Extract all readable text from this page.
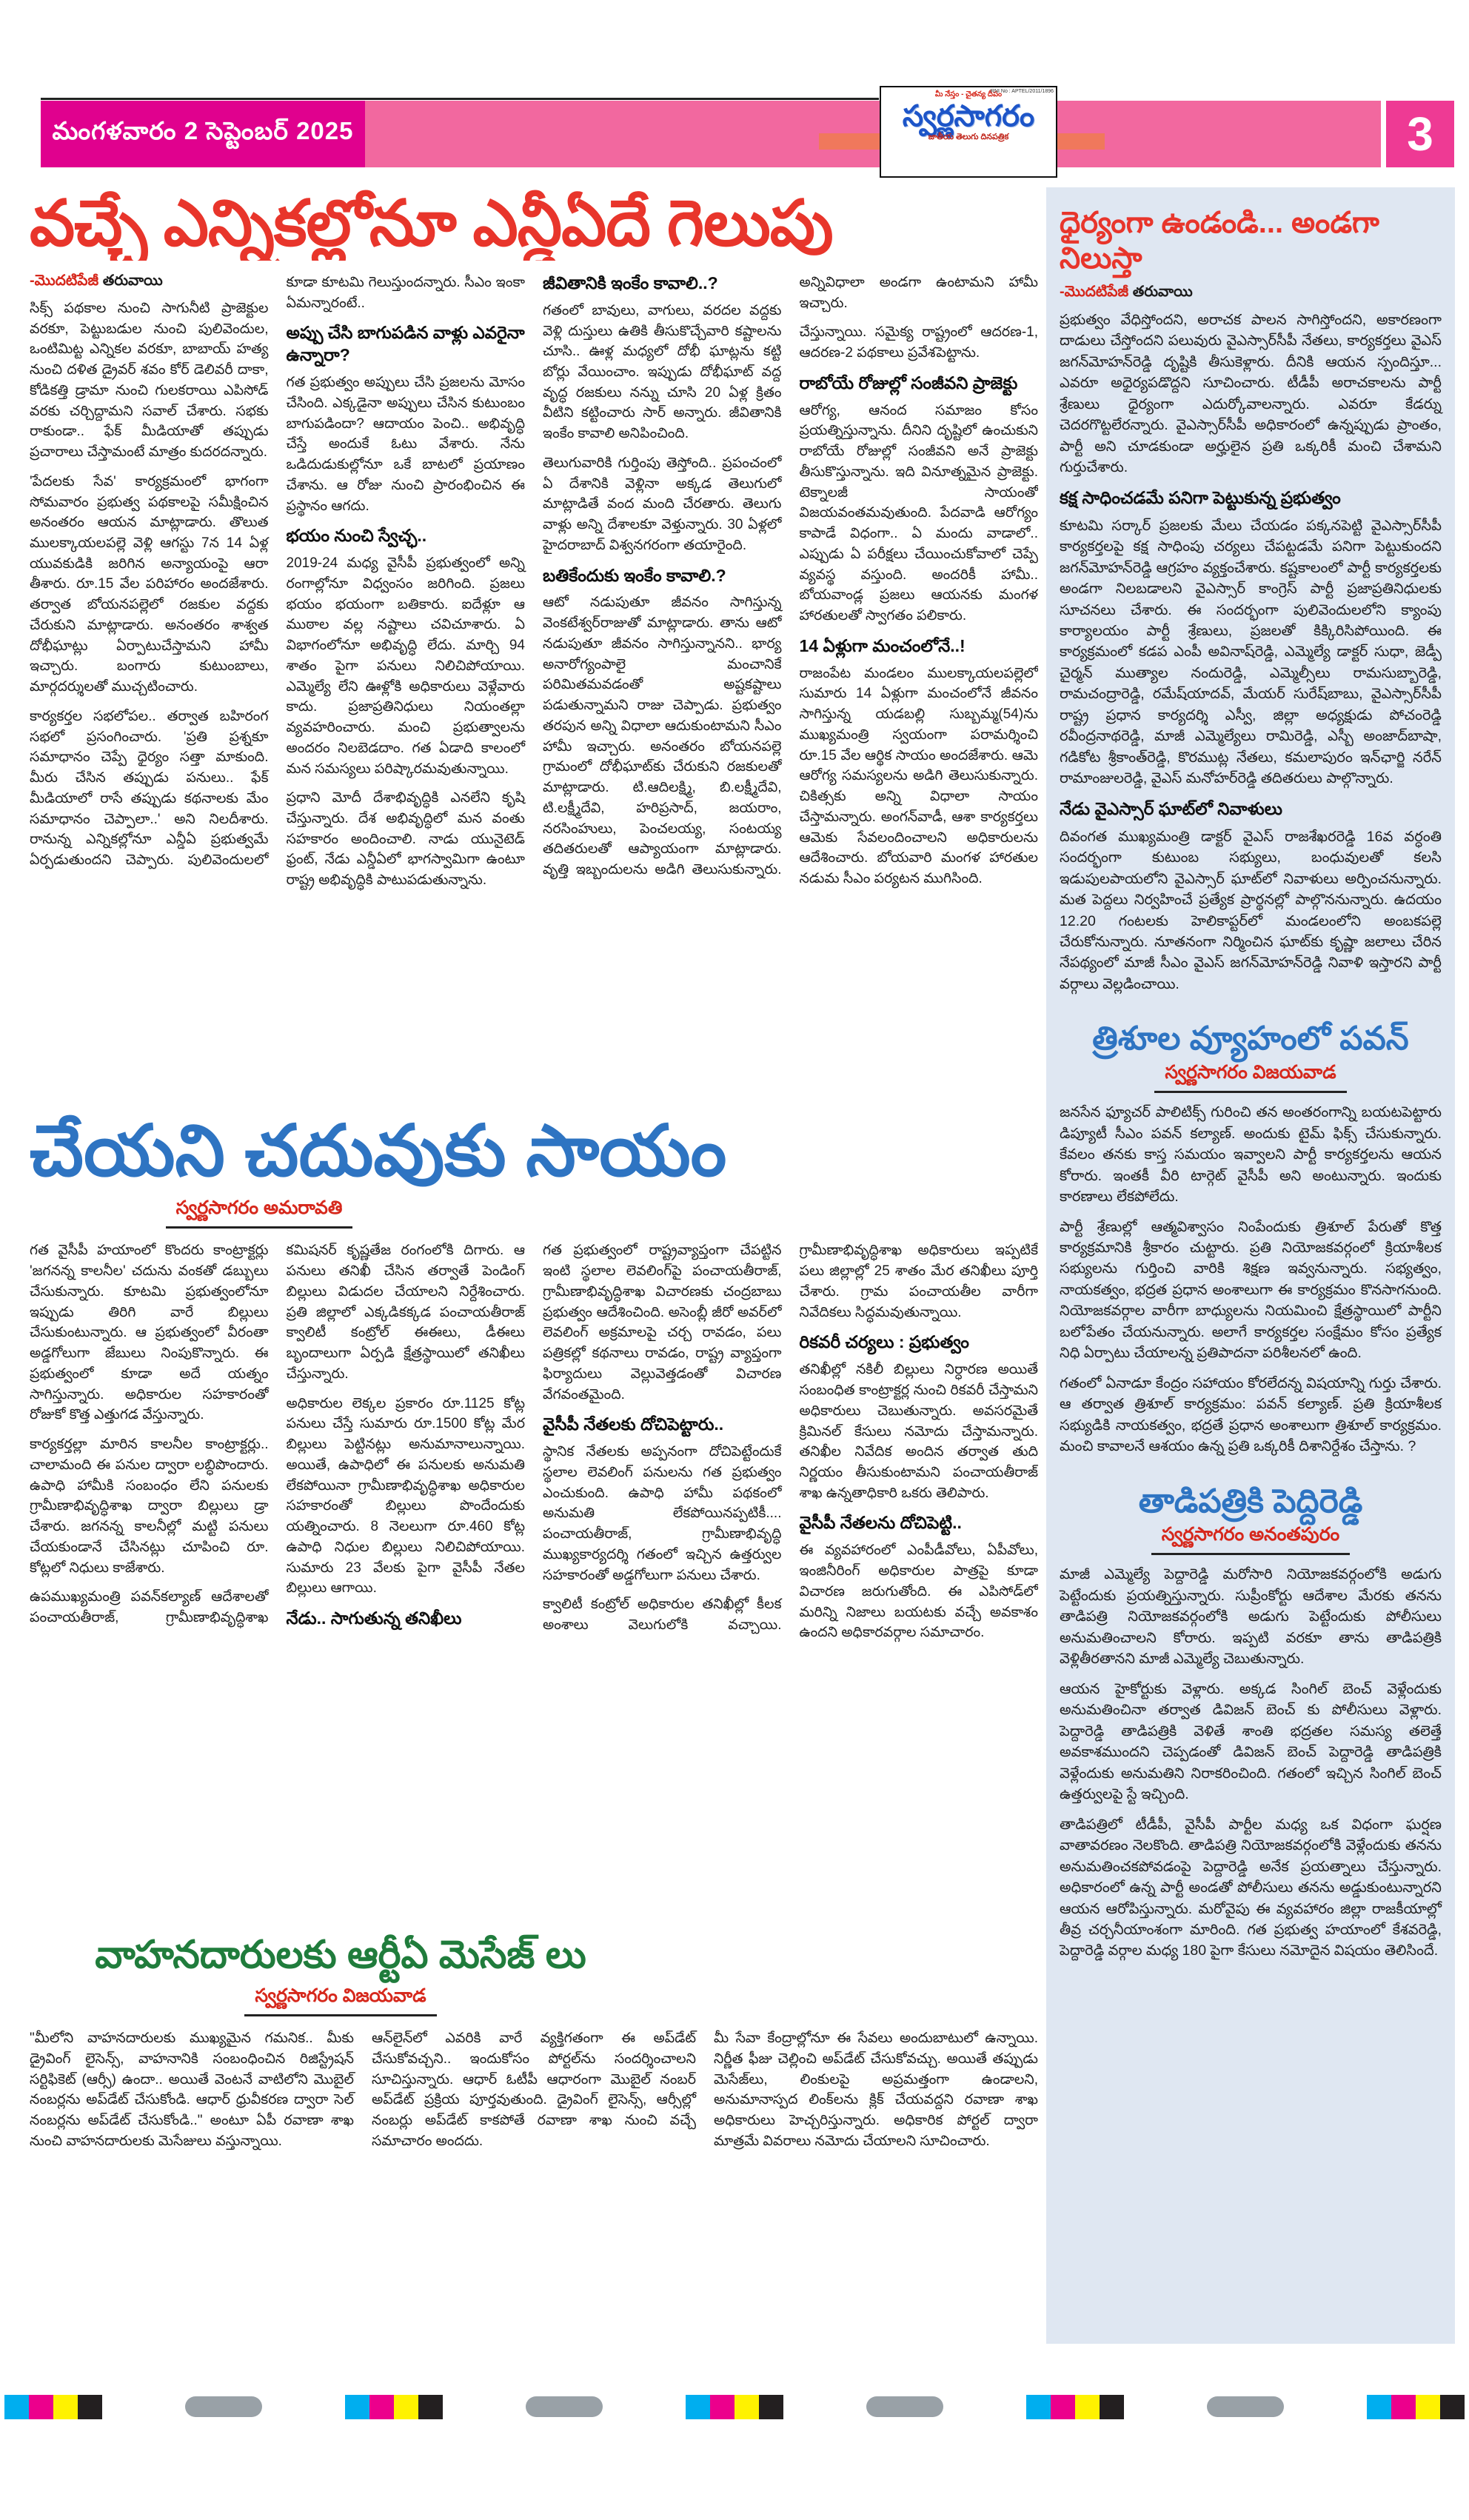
మంగళవారం 2 సెప్టెంబర్ 2025
RNI No : APTEL/2011/1896
మీ నేస్తం - చైతన్య దీపం
స్వర్ణసాగరం
జాతీయ తెలుగు దినపత్రిక	3
వచ్చే ఎన్నికల్లోనూ ఎన్డీఏదే గెలుపు
-మొదటిపేజీ తరువాయి
సిక్స్ పథకాల నుంచి సాగునీటి ప్రాజెక్టుల వరకూ, పెట్టుబడుల నుంచి పులివెందుల, ఒంటిమిట్ట ఎన్నికల వరకూ, బాబాయ్ హత్య నుంచి దళిత డ్రైవర్ శవం కోర్ డెలివరీ దాకా, కోడికత్తి డ్రామా నుంచి గులకరాయి ఎపిసోడ్ వరకు చర్చిద్దామని సవాల్ చేశారు. సభకు రాకుండా.. ఫేక్ మీడియాతో తప్పుడు ప్రచారాలు చేస్తామంటే మాత్రం కుదరదన్నారు.
'పేదలకు సేవ' కార్యక్రమంలో భాగంగా సోమవారం ప్రభుత్వ పథకాలపై సమీక్షించిన అనంతరం ఆయన మాట్లాడారు. తొలుత ములక్కాయలపల్లె వెళ్లి ఆగస్టు 7న 14 ఏళ్ల యువకుడికి జరిగిన అన్యాయంపై ఆరా తీశారు. రూ.15 వేల పరిహారం అందజేశారు. తర్వాత బోయనపల్లెలో రజకుల వద్దకు చేరుకుని మాట్లాడారు. అనంతరం శాశ్వత దోభీఘాట్లు ఏర్పాటుచేస్తామని హామీ ఇచ్చారు. బంగారు కుటుంబాలు, మార్గదర్శులతో ముచ్చటించారు.
కార్యకర్తల సభలోపల.. తర్వాత బహిరంగ సభలో ప్రసంగించారు. 'ప్రతి ప్రశ్నకూ సమాధానం చెప్పే ధైర్యం సత్తా మాకుంది. మీరు చేసిన తప్పుడు పనులు.. ఫేక్ మీడియాలో రాసే తప్పుడు కథనాలకు మేం సమాధానం చెప్పాలా..' అని నిలదీశారు. రానున్న ఎన్నికల్లోనూ ఎన్డీఏ ప్రభుత్వమే ఏర్పడుతుందని చెప్పారు. పులివెందులలో కూడా కూటమి గెలుస్తుందన్నారు. సీఎం ఇంకా ఏమన్నారంటే..
అప్పు చేసి బాగుపడిన వాళ్లు ఎవరైనా ఉన్నారా?
గత ప్రభుత్వం అప్పులు చేసి ప్రజలను మోసం చేసింది. ఎక్కడైనా అప్పులు చేసిన కుటుంబం బాగుపడిందా? ఆదాయం పెంచి.. అభివృద్ధి చేస్తే అందుకే ఓటు వేశారు. నేను ఒడిదుడుకుల్లోనూ ఒకే బాటలో ప్రయాణం చేశాను. ఆ రోజు నుంచి ప్రారంభించిన ఈ ప్రస్థానం ఆగదు.
భయం నుంచి స్వేచ్ఛ..
2019-24 మధ్య వైసీపీ ప్రభుత్వంలో అన్ని రంగాల్లోనూ విధ్వంసం జరిగింది. ప్రజలు భయం భయంగా బతికారు. ఐదేళ్లూ ఆ ముఠాల వల్ల నష్టాలు చవిచూశారు. ఏ విభాగంలోనూ అభివృద్ధి లేదు. మార్చి 94 శాతం పైగా పనులు నిలిచిపోయాయి. ఎమ్మెల్యే లేని ఊళ్లోకి అధికారులు వెళ్లేవారు కాదు. ప్రజాప్రతినిధులు నియంతల్లా వ్యవహరించారు. మంచి ప్రభుత్వాలను అందరం నిలబెడదాం. గత ఏడాది కాలంలో మన సమస్యలు పరిష్కారమవుతున్నాయి.
ప్రధాని మోదీ దేశాభివృద్ధికి ఎనలేని కృషి చేస్తున్నారు. దేశ అభివృద్ధిలో మన వంతు సహకారం అందించాలి. నాడు యునైటెడ్ ఫ్రంట్, నేడు ఎన్డీఏలో భాగస్వామిగా ఉంటూ రాష్ట్ర అభివృద్ధికి పాటుపడుతున్నాను.
జీవితానికి ఇంకేం కావాలి..?
గతంలో బావులు, వాగులు, వరదల వద్దకు వెళ్లి దుస్తులు ఉతికి తీసుకొచ్చేవారి కష్టాలను చూసి.. ఊళ్ల మధ్యలో దోభీ ఘాట్లను కట్టి బోర్లు వేయించాం. ఇప్పుడు దోభీఘాట్ వద్ద వృద్ధ రజకులు నన్ను చూసి 20 ఏళ్ల క్రితం వీటిని కట్టించారు సార్ అన్నారు. జీవితానికి ఇంకేం కావాలి అనిపించింది.
తెలుగువారికి గుర్తింపు తెస్తోంది.. ప్రపంచంలో ఏ దేశానికి వెళ్లినా అక్కడ తెలుగులో మాట్లాడితే వంద మంది చేరతారు. తెలుగు వాళ్లు అన్ని దేశాలకూ వెళ్తున్నారు. 30 ఏళ్లలో హైదరాబాద్ విశ్వనగరంగా తయారైంది.
బతికేందుకు ఇంకేం కావాలి.?
ఆటో నడుపుతూ జీవనం సాగిస్తున్న వెంకటేశ్వర్‌రాజుతో మాట్లాడారు. తాను ఆటో నడుపుతూ జీవనం సాగిస్తున్నానని.. భార్య అనారోగ్యంపాలై మంచానికే పరిమితమవడంతో అష్టకష్టాలు పడుతున్నామని రాజు చెప్పాడు. ప్రభుత్వం తరపున అన్ని విధాలా ఆదుకుంటామని సీఎం హామీ ఇచ్చారు. అనంతరం బోయనపల్లె గ్రామంలో దోభీఘాట్‌కు చేరుకుని రజకులతో మాట్లాడారు. టి.ఆదిలక్ష్మి, బి.లక్ష్మీదేవి, టి.లక్ష్మీదేవి, హరిప్రసాద్, జయరాం, నరసింహులు, పెంచలయ్య, సంటయ్య తదితరులతో ఆప్యాయంగా మాట్లాడారు. వృత్తి ఇబ్బందులను అడిగి తెలుసుకున్నారు. అన్నివిధాలా అండగా ఉంటామని హామీ ఇచ్చారు.
చేస్తున్నాయి. సమైక్య రాష్ట్రంలో ఆదరణ-1, ఆదరణ-2 పథకాలు ప్రవేశపెట్టాను.
రాబోయే రోజుల్లో సంజీవని ప్రాజెక్టు
ఆరోగ్య, ఆనంద సమాజం కోసం ప్రయత్నిస్తున్నాను. దీనిని దృష్టిలో ఉంచుకుని రాబోయే రోజుల్లో సంజీవని అనే ప్రాజెక్టు తీసుకొస్తున్నాను. ఇది వినూత్నమైన ప్రాజెక్టు. టెక్నాలజీ సాయంతో విజయవంతమవుతుంది. పేదవాడి ఆరోగ్యం కాపాడే విధంగా.. ఏ మందు వాడాలో.. ఎప్పుడు ఏ పరీక్షలు చేయించుకోవాలో చెప్పే వ్యవస్థ వస్తుంది. అందరికీ హామీ.. బోయవాండ్ల ప్రజలు ఆయనకు మంగళ హారతులతో స్వాగతం పలికారు.
14 ఏళ్లుగా మంచంలోనే..!
రాజంపేట మండలం ములక్కాయలపల్లెలో సుమారు 14 ఏళ్లుగా మంచంలోనే జీవనం సాగిస్తున్న యడబల్లి సుబ్బమ్మ(54)ను ముఖ్యమంత్రి స్వయంగా పరామర్శించి రూ.15 వేల ఆర్థిక సాయం అందజేశారు. ఆమె ఆరోగ్య సమస్యలను అడిగి తెలుసుకున్నారు. చికిత్సకు అన్ని విధాలా సాయం చేస్తామన్నారు. అంగన్‌వాడీ, ఆశా కార్యకర్తలు ఆమెకు సేవలందించాలని అధికారులను ఆదేశించారు. బోయవారి మంగళ హారతుల నడుమ సీఎం పర్యటన ముగిసింది.
చేయని చదువుకు సాయం
స్వర్ణసాగరం అమరావతి
గత వైసీపీ హయాంలో కొందరు కాంట్రాక్టర్లు 'జగనన్న కాలనీల' చదును వంకతో డబ్బులు చేసుకున్నారు. కూటమి ప్రభుత్వంలోనూ ఇప్పుడు తిరిగి వారే బిల్లులు చేసుకుంటున్నారు. ఆ ప్రభుత్వంలో వీరంతా అడ్డగోలుగా జేబులు నింపుకొన్నారు. ఈ ప్రభుత్వంలో కూడా అదే యత్నం సాగిస్తున్నారు. అధికారుల సహకారంతో రోజుకో కొత్త ఎత్తుగడ వేస్తున్నారు.
కార్యకర్తల్లా మారిన కాలనీల కాంట్రాక్టర్లు.. చాలామంది ఈ పనుల ద్వారా లబ్ధిపొందారు. ఉపాధి హామీకి సంబంధం లేని పనులకు గ్రామీణాభివృద్ధిశాఖ ద్వారా బిల్లులు డ్రా చేశారు. జగనన్న కాలనీల్లో మట్టి పనులు చేయకుండానే చేసినట్లు చూపించి రూ. కోట్లలో నిధులు కాజేశారు.
ఉపముఖ్యమంత్రి పవన్‌కల్యాణ్ ఆదేశాలతో పంచాయతీరాజ్, గ్రామీణాభివృద్ధిశాఖ కమిషనర్ కృష్ణతేజ రంగంలోకి దిగారు. ఆ పనులు తనిఖీ చేసిన తర్వాతే పెండింగ్ బిల్లులు విడుదల చేయాలని నిర్దేశించారు. ప్రతి జిల్లాలో ఎక్కడికక్కడ పంచాయతీరాజ్ క్వాలిటీ కంట్రోల్ ఈఈలు, డీఈలు బృందాలుగా ఏర్పడి క్షేత్రస్థాయిలో తనిఖీలు చేస్తున్నారు.
అధికారుల లెక్కల ప్రకారం రూ.1125 కోట్ల పనులు చేస్తే సుమారు రూ.1500 కోట్ల మేర బిల్లులు పెట్టినట్లు అనుమానాలున్నాయి. అయితే, ఉపాధిలో ఈ పనులకు అనుమతి లేకపోయినా గ్రామీణాభివృద్ధిశాఖ అధికారుల సహకారంతో బిల్లులు పొందేందుకు యత్నించారు. 8 నెలలుగా రూ.460 కోట్ల ఉపాధి నిధుల బిల్లులు నిలిచిపోయాయి. సుమారు 23 వేలకు పైగా వైసీపీ నేతల బిల్లులు ఆగాయి.
నేడు.. సాగుతున్న తనిఖీలు
గత ప్రభుత్వంలో రాష్ట్రవ్యాప్తంగా చేపట్టిన ఇంటి స్థలాల లెవలింగ్‌పై పంచాయతీరాజ్, గ్రామీణాభివృద్ధిశాఖ విచారణకు చంద్రబాబు ప్రభుత్వం ఆదేశించింది. అసెంబ్లీ జీరో అవర్‌లో లెవలింగ్ అక్రమాలపై చర్చ రావడం, పలు పత్రికల్లో కథనాలు రావడం, రాష్ట్ర వ్యాప్తంగా ఫిర్యాదులు వెల్లువెత్తడంతో విచారణ వేగవంతమైంది.
వైసీపీ నేతలకు దోచిపెట్టారు..
స్థానిక నేతలకు అప్పనంగా దోచిపెట్టేందుకే స్థలాల లెవలింగ్ పనులను గత ప్రభుత్వం ఎంచుకుంది. ఉపాధి హామీ పథకంలో అనుమతి లేకపోయినప్పటికీ.... పంచాయతీరాజ్, గ్రామీణాభివృద్ధి ముఖ్యకార్యదర్శి గతంలో ఇచ్చిన ఉత్తర్వుల సహకారంతో అడ్డగోలుగా పనులు చేశారు.
క్వాలిటీ కంట్రోల్ అధికారుల తనిఖీల్లో కీలక అంశాలు వెలుగులోకి వచ్చాయి. గ్రామీణాభివృద్ధిశాఖ అధికారులు ఇప్పటికే పలు జిల్లాల్లో 25 శాతం మేర తనిఖీలు పూర్తి చేశారు. గ్రామ పంచాయతీల వారీగా నివేదికలు సిద్ధమవుతున్నాయి.
రికవరీ చర్యలు : ప్రభుత్వం
తనిఖీల్లో నకిలీ బిల్లులు నిర్ధారణ అయితే సంబంధిత కాంట్రాక్టర్ల నుంచి రికవరీ చేస్తామని అధికారులు చెబుతున్నారు. అవసరమైతే క్రిమినల్ కేసులు నమోదు చేస్తామన్నారు. తనిఖీల నివేదిక అందిన తర్వాత తుది నిర్ణయం తీసుకుంటామని పంచాయతీరాజ్ శాఖ ఉన్నతాధికారి ఒకరు తెలిపారు.
వైసీపీ నేతలను దోచిపెట్టి..
ఈ వ్యవహారంలో ఎంపీడీవోలు, ఏపీవోలు, ఇంజినీరింగ్ అధికారుల పాత్రపై కూడా విచారణ జరుగుతోంది. ఈ ఎపిసోడ్‌లో మరిన్ని నిజాలు బయటకు వచ్చే అవకాశం ఉందని అధికారవర్గాల సమాచారం.
వాహనదారులకు ఆర్టీఏ మెసేజ్ లు
స్వర్ణసాగరం విజయవాడ
"మీలోని వాహనదారులకు ముఖ్యమైన గమనిక.. మీకు డ్రైవింగ్ లైసెన్స్, వాహనానికి సంబంధించిన రిజిస్ట్రేషన్ సర్టిఫికెట్ (ఆర్సీ) ఉందా.. అయితే వెంటనే వాటిలోని మొబైల్ నంబర్లను అప్‌డేట్ చేసుకోండి. ఆధార్ ధ్రువీకరణ ద్వారా సెల్ నంబర్లను అప్‌డేట్ చేసుకోండి.." అంటూ ఏపీ రవాణా శాఖ నుంచి వాహనదారులకు మెసేజులు వస్తున్నాయి.
ఆన్‌లైన్‌లో ఎవరికి వారే వ్యక్తిగతంగా ఈ అప్‌డేట్ చేసుకోవచ్చని.. ఇందుకోసం పోర్టల్‌ను సందర్శించాలని సూచిస్తున్నారు. ఆధార్ ఓటీపీ ఆధారంగా మొబైల్ నంబర్ అప్‌డేట్ ప్రక్రియ పూర్తవుతుంది. డ్రైవింగ్ లైసెన్స్, ఆర్సీల్లో నంబర్లు అప్‌డేట్ కాకపోతే రవాణా శాఖ నుంచి వచ్చే సమాచారం అందదు.
మీ సేవా కేంద్రాల్లోనూ ఈ సేవలు అందుబాటులో ఉన్నాయి. నిర్ణీత ఫీజు చెల్లించి అప్‌డేట్ చేసుకోవచ్చు. అయితే తప్పుడు మెసేజ్‌లు, లింకులపై అప్రమత్తంగా ఉండాలని, అనుమానాస్పద లింక్‌లను క్లిక్ చేయవద్దని రవాణా శాఖ అధికారులు హెచ్చరిస్తున్నారు. అధికారిక పోర్టల్ ద్వారా మాత్రమే వివరాలు నమోదు చేయాలని సూచించారు.
ధైర్యంగా ఉండండి... అండగా నిలుస్తా
-మొదటిపేజీ తరువాయి
ప్రభుత్వం వేధిస్తోందని, అరాచక పాలన సాగిస్తోందని, అకారణంగా దాడులు చేస్తోందని పలువురు వైఎస్సార్‌సీపీ నేతలు, కార్యకర్తలు వైఎస్ జగన్‌మోహన్‌రెడ్డి దృష్టికి తీసుకెళ్లారు. దీనికి ఆయన స్పందిస్తూ... ఎవరూ అధైర్యపడొద్దని సూచించారు. టీడీపీ అరాచకాలను పార్టీ శ్రేణులు ధైర్యంగా ఎదుర్కోవాలన్నారు. ఎవరూ కేడర్ను చెదరగొట్టలేరన్నారు. వైఎస్సార్‌సీపీ అధికారంలో ఉన్నప్పుడు ప్రాంతం, పార్టీ అని చూడకుండా అర్హులైన ప్రతి ఒక్కరికీ మంచి చేశామని గుర్తుచేశారు.
కక్ష సాధించడమే పనిగా పెట్టుకున్న ప్రభుత్వం
కూటమి సర్కార్ ప్రజలకు మేలు చేయడం పక్కనపెట్టి వైఎస్సార్‌సీపీ కార్యకర్తలపై కక్ష సాధింపు చర్యలు చేపట్టడమే పనిగా పెట్టుకుందని జగన్‌మోహన్‌రెడ్డి ఆగ్రహం వ్యక్తంచేశారు. కష్టకాలంలో పార్టీ కార్యకర్తలకు అండగా నిలబడాలని వైఎస్సార్ కాంగ్రెస్ పార్టీ ప్రజాప్రతినిధులకు సూచనలు చేశారు. ఈ సందర్భంగా పులివెందులలోని క్యాంపు కార్యాలయం పార్టీ శ్రేణులు, ప్రజలతో కిక్కిరిసిపోయింది. ఈ కార్యక్రమంలో కడప ఎంపీ అవినాష్‌రెడ్డి, ఎమ్మెల్యే డాక్టర్ సుధా, జెడ్పీ చైర్మన్ ముత్యాల నందురెడ్డి, ఎమ్మెల్సీలు రామసుబ్బారెడ్డి, రామచంద్రారెడ్డి, రమేష్‌యాదవ్, మేయర్ సురేష్‌బాబు, వైఎస్సార్‌సీపీ రాష్ట్ర ప్రధాన కార్యదర్శి ఎస్వీ, జిల్లా అధ్యక్షుడు పోచంరెడ్డి రవీంద్రనాథరెడ్డి, మాజీ ఎమ్మెల్యేలు రామిరెడ్డి, ఎస్బీ అంజాద్‌బాషా, గడికోట శ్రీకాంత్‌రెడ్డి, కొరముట్ల నేతలు, కమలాపురం ఇన్‌ఛార్జి నరేన్ రామాంజులరెడ్డి, వైఎస్ మనోహర్‌రెడ్డి తదితరులు పాల్గొన్నారు.
నేడు వైఎస్సార్ ఘాట్‌లో నివాళులు
దివంగత ముఖ్యమంత్రి డాక్టర్ వైఎస్ రాజశేఖరరెడ్డి 16వ వర్ధంతి సందర్భంగా కుటుంబ సభ్యులు, బంధువులతో కలసి ఇడుపులపాయలోని వైఎస్సార్ ఘాట్‌లో నివాళులు అర్పించనున్నారు. మత పెద్దలు నిర్వహించే ప్రత్యేక ప్రార్థనల్లో పాల్గొననున్నారు. ఉదయం 12.20 గంటలకు హెలికాప్టర్‌లో మండలంలోని అంబకపల్లె చేరుకోనున్నారు. నూతనంగా నిర్మించిన ఘాట్‌కు కృష్ణా జలాలు చేరిన నేపథ్యంలో మాజీ సీఎం వైఎస్ జగన్‌మోహన్‌రెడ్డి నివాళి ఇస్తారని పార్టీ వర్గాలు వెల్లడించాయి.
త్రిశూల వ్యూహంలో పవన్
స్వర్ణసాగరం విజయవాడ
జనసేన ఫ్యూచర్ పాలిటిక్స్ గురించి తన అంతరంగాన్ని బయటపెట్టారు డిప్యూటీ సీఎం పవన్ కల్యాణ్. అందుకు టైమ్ ఫిక్స్ చేసుకున్నారు. కేవలం తనకు కాస్త సమయం ఇవ్వాలని పార్టీ కార్యకర్తలను ఆయన కోరారు. ఇంతకీ వీరి టార్గెట్ వైసీపీ అని అంటున్నారు. ఇందుకు కారణాలు లేకపోలేదు.
పార్టీ శ్రేణుల్లో ఆత్మవిశ్వాసం నింపేందుకు త్రిశూల్ పేరుతో కొత్త కార్యక్రమానికి శ్రీకారం చుట్టారు. ప్రతి నియోజకవర్గంలో క్రియాశీలక సభ్యులను గుర్తించి వారికి శిక్షణ ఇవ్వనున్నారు. సభ్యత్వం, నాయకత్వం, భద్రత ప్రధాన అంశాలుగా ఈ కార్యక్రమం కొనసాగనుంది. నియోజకవర్గాల వారీగా బాధ్యులను నియమించి క్షేత్రస్థాయిలో పార్టీని బలోపేతం చేయనున్నారు. అలాగే కార్యకర్తల సంక్షేమం కోసం ప్రత్యేక నిధి ఏర్పాటు చేయాలన్న ప్రతిపాదనా పరిశీలనలో ఉంది.
గతంలో ఏనాడూ కేంద్రం సహాయం కోరలేదన్న విషయాన్ని గుర్తు చేశారు. ఆ తర్వాత త్రిశూల్ కార్యక్రమం: పవన్ కల్యాణ్. ప్రతి క్రియాశీలక సభ్యుడికి నాయకత్వం, భద్రతే ప్రధాన అంశాలుగా త్రిశూల్ కార్యక్రమం. మంచి కావాలనే ఆశయం ఉన్న ప్రతి ఒక్కరికీ దిశానిర్దేశం చేస్తాను. ?
తాడిపత్రికి పెద్దిరెడ్డి
స్వర్ణసాగరం అనంతపురం
మాజీ ఎమ్మెల్యే పెద్దారెడ్డి మరోసారి నియోజకవర్గంలోకి అడుగు పెట్టేందుకు ప్రయత్నిస్తున్నారు. సుప్రీంకోర్టు ఆదేశాల మేరకు తనను తాడిపత్రి నియోజకవర్గంలోకి అడుగు పెట్టేందుకు పోలీసులు అనుమతించాలని కోరారు. ఇప్పటి వరకూ తాను తాడిపత్రికి వెళ్లితీరతానని మాజీ ఎమ్మెల్యే చెబుతున్నారు.
ఆయన హైకోర్టుకు వెళ్లారు. అక్కడ సింగిల్ బెంచ్ వెళ్లేందుకు అనుమతించినా తర్వాత డివిజన్ బెంచ్ కు పోలీసులు వెళ్లారు. పెద్దారెడ్డి తాడిపత్రికి వెళితే శాంతి భద్రతల సమస్య తలెత్తే అవకాశముందని చెప్పడంతో డివిజన్ బెంచ్ పెద్దారెడ్డి తాడిపత్రికి వెళ్లేందుకు అనుమతిని నిరాకరించింది. గతంలో ఇచ్చిన సింగిల్ బెంచ్ ఉత్తర్వులపై స్టే ఇచ్చింది.
తాడిపత్రిలో టీడీపీ, వైసీపీ పార్టీల మధ్య ఒక విధంగా ఘర్షణ వాతావరణం నెలకొంది. తాడిపత్రి నియోజకవర్గంలోకి వెళ్లేందుకు తనను అనుమతించకపోవడంపై పెద్దారెడ్డి అనేక ప్రయత్నాలు చేస్తున్నారు. అధికారంలో ఉన్న పార్టీ అండతో పోలీసులు తనను అడ్డుకుంటున్నారని ఆయన ఆరోపిస్తున్నారు. మరోవైపు ఈ వ్యవహారం జిల్లా రాజకీయాల్లో తీవ్ర చర్చనీయాంశంగా మారింది. గత ప్రభుత్వ హయాంలో కేశవరెడ్డి, పెద్దారెడ్డి వర్గాల మధ్య 180 పైగా కేసులు నమోదైన విషయం తెలిసిందే.
